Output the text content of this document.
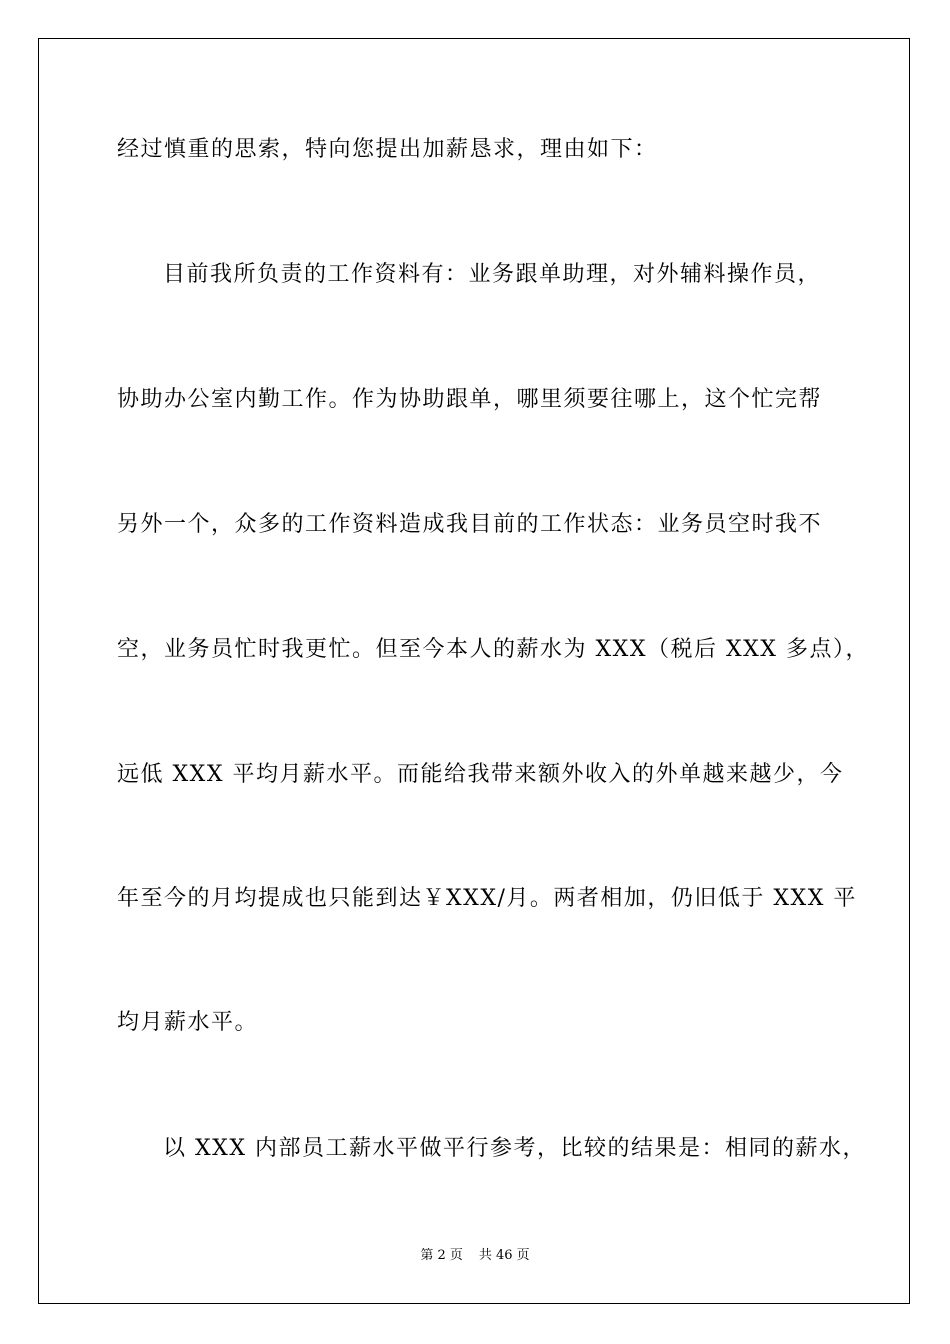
经过慎重的思索，特向您提出加薪恳求，理由如下：
目前我所负责的工作资料有：业务跟单助理，对外辅料操作员，
协助办公室内勤工作。作为协助跟单，哪里须要往哪上，这个忙完帮
另外一个，众多的工作资料造成我目前的工作状态：业务员空时我不
空，业务员忙时我更忙。但至今本人的薪水为 XXX（税后 XXX 多点），
远低 XXX 平均月薪水平。而能给我带来额外收入的外单越来越少，今
年至今的月均提成也只能到达￥XXX/月。两者相加，仍旧低于 XXX 平
均月薪水平。
以 XXX 内部员工薪水平做平行参考，比较的结果是：相同的薪水，
第 2 页 共 46 页
